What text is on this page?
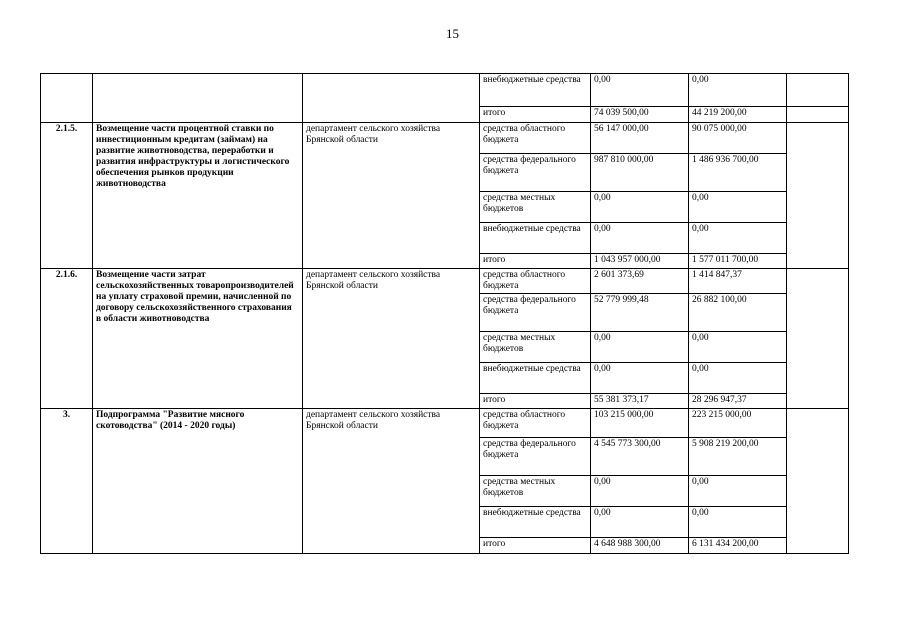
15
			внебюджетные средства	0,00	0,00	
			итого	74 039 500,00	44 219 200,00	
2.1.5.	Возмещение части процентной ставки по инвестиционным кредитам (займам) на развитие животноводства, переработки и развития инфраструктуры и логистического обеспечения рынков продукции животноводства	департамент сельского хозяйства Брянской области	средства областного бюджета	56 147 000,00	90 075 000,00	
			средства федерального бюджета	987 810 000,00	1 486 936 700,00	
			средства местных бюджетов	0,00	0,00	
			внебюджетные средства	0,00	0,00	
			итого	1 043 957 000,00	1 577 011 700,00	
2.1.6.	Возмещение части затрат сельскохозяйственных товаропроизводителей на уплату страховой премии, начисленной по договору сельскохозяйственного страхования в области животноводства	департамент сельского хозяйства Брянской области	средства областного бюджета	2 601 373,69	1 414 847,37	
			средства федерального бюджета	52 779 999,48	26 882 100,00	
			средства местных бюджетов	0,00	0,00	
			внебюджетные средства	0,00	0,00	
			итого	55 381 373,17	28 296 947,37	
3.	Подпрограмма "Развитие мясного скотоводства" (2014 - 2020 годы)	департамент сельского хозяйства Брянской области	средства областного бюджета	103 215 000,00	223 215 000,00	
			средства федерального бюджета	4 545 773 300,00	5 908 219 200,00	
			средства местных бюджетов	0,00	0,00	
			внебюджетные средства	0,00	0,00	
			итого	4 648 988 300,00	6 131 434 200,00	
